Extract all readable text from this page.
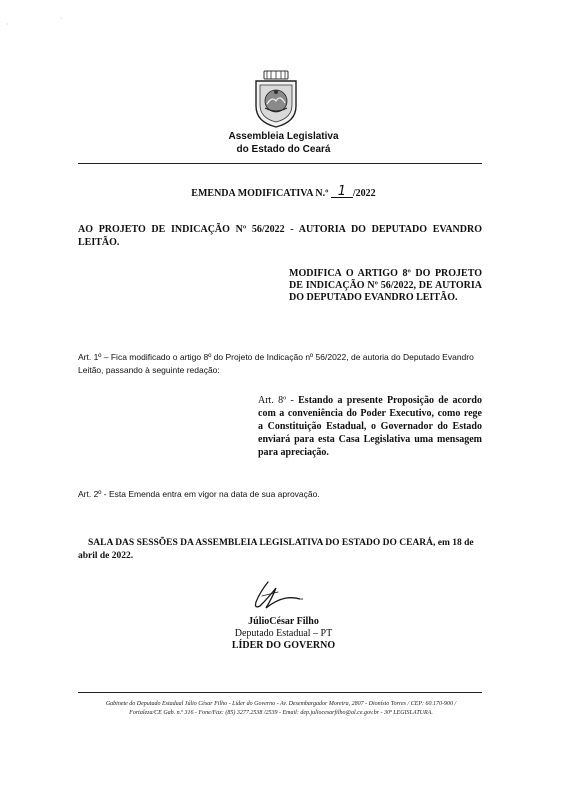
·
·
Assembleia Legislativa
do Estado do Ceará
EMENDA MODIFICATIVA N.º 1 /2022
AO PROJETO DE INDICAÇÃO Nº 56/2022 - AUTORIA DO DEPUTADO EVANDRO LEITÃO.
MODIFICA O ARTIGO 8º DO PROJETO DE INDICAÇÃO Nº 56/2022, DE AUTORIA DO DEPUTADO EVANDRO LEITÃO.
Art. 1º – Fica modificado o artigo 8º do Projeto de Indicação nº 56/2022, de autoria do Deputado Evandro Leitão, passando à seguinte redação:
Art. 8º - Estando a presente Proposição de acordo com a conveniência do Poder Executivo, como rege a Constituição Estadual, o Governador do Estado enviará para esta Casa Legislativa uma mensagem para apreciação.
Art. 2º - Esta Emenda entra em vigor na data de sua aprovação.
SALA DAS SESSÕES DA ASSEMBLEIA LEGISLATIVA DO ESTADO DO CEARÁ, em 18 de abril de 2022.
JúlioCésar Filho
Deputado Estadual – PT
LÍDER DO GOVERNO
Gabinete do Deputado Estadual Júlio César Filho - Líder do Governo - Av. Desembargador Moreira, 2807 - Dionísio Torres / CEP: 60.170-900 /
Fortaleza/CE Gab. n.º 316 - Fone/Fax: (85) 3277.2538 /2539 - Email: dep.juliocesarfilho@al.ce.gov.br - 30ª LEGISLATURA.
